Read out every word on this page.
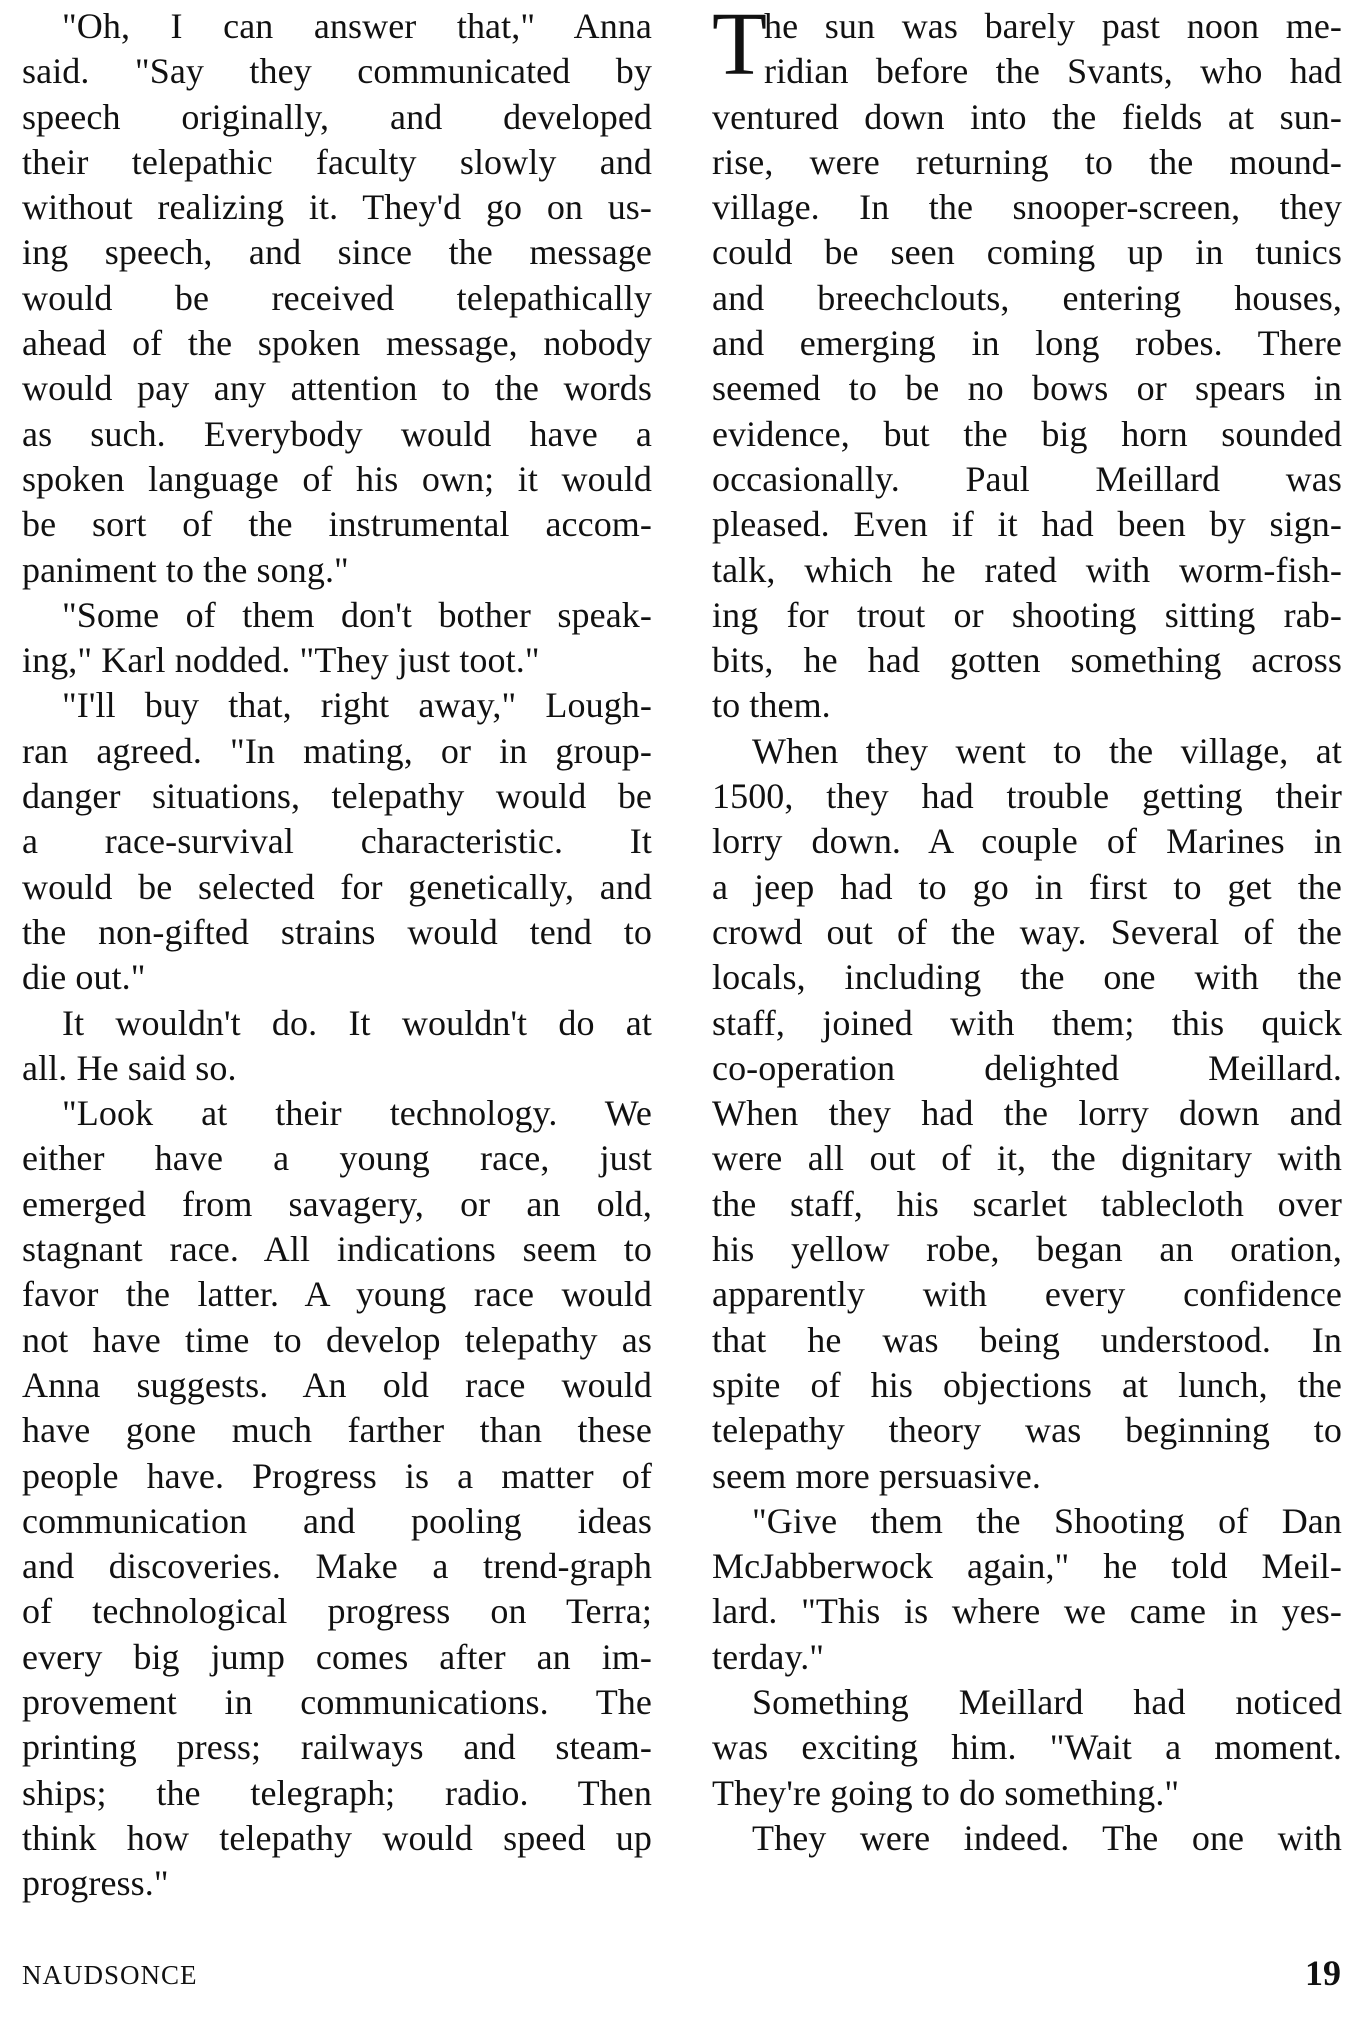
"Oh, I can answer that," Anna
said. "Say they communicated by
speech originally, and developed
their telepathic faculty slowly and
without realizing it. They'd go on us-
ing speech, and since the message
would be received telepathically
ahead of the spoken message, nobody
would pay any attention to the words
as such. Everybody would have a
spoken language of his own; it would
be sort of the instrumental accom-
paniment to the song."
"Some of them don't bother speak-
ing," Karl nodded. "They just toot."
"I'll buy that, right away," Lough-
ran agreed. "In mating, or in group-
danger situations, telepathy would be
a race-survival characteristic. It
would be selected for genetically, and
the non-gifted strains would tend to
die out."
It wouldn't do. It wouldn't do at
all. He said so.
"Look at their technology. We
either have a young race, just
emerged from savagery, or an old,
stagnant race. All indications seem to
favor the latter. A young race would
not have time to develop telepathy as
Anna suggests. An old race would
have gone much farther than these
people have. Progress is a matter of
communication and pooling ideas
and discoveries. Make a trend-graph
of technological progress on Terra;
every big jump comes after an im-
provement in communications. The
printing press; railways and steam-
ships; the telegraph; radio. Then
think how telepathy would speed up
progress."
T
he sun was barely past noon me-
ridian before the Svants, who had
ventured down into the fields at sun-
rise, were returning to the mound-
village. In the snooper-screen, they
could be seen coming up in tunics
and breechclouts, entering houses,
and emerging in long robes. There
seemed to be no bows or spears in
evidence, but the big horn sounded
occasionally. Paul Meillard was
pleased. Even if it had been by sign-
talk, which he rated with worm-fish-
ing for trout or shooting sitting rab-
bits, he had gotten something across
to them.
When they went to the village, at
1500, they had trouble getting their
lorry down. A couple of Marines in
a jeep had to go in first to get the
crowd out of the way. Several of the
locals, including the one with the
staff, joined with them; this quick
co-operation delighted Meillard.
When they had the lorry down and
were all out of it, the dignitary with
the staff, his scarlet tablecloth over
his yellow robe, began an oration,
apparently with every confidence
that he was being understood. In
spite of his objections at lunch, the
telepathy theory was beginning to
seem more persuasive.
"Give them the Shooting of Dan
McJabberwock again," he told Meil-
lard. "This is where we came in yes-
terday."
Something Meillard had noticed
was exciting him. "Wait a moment.
They're going to do something."
They were indeed. The one with
NAUDSONCE	19
